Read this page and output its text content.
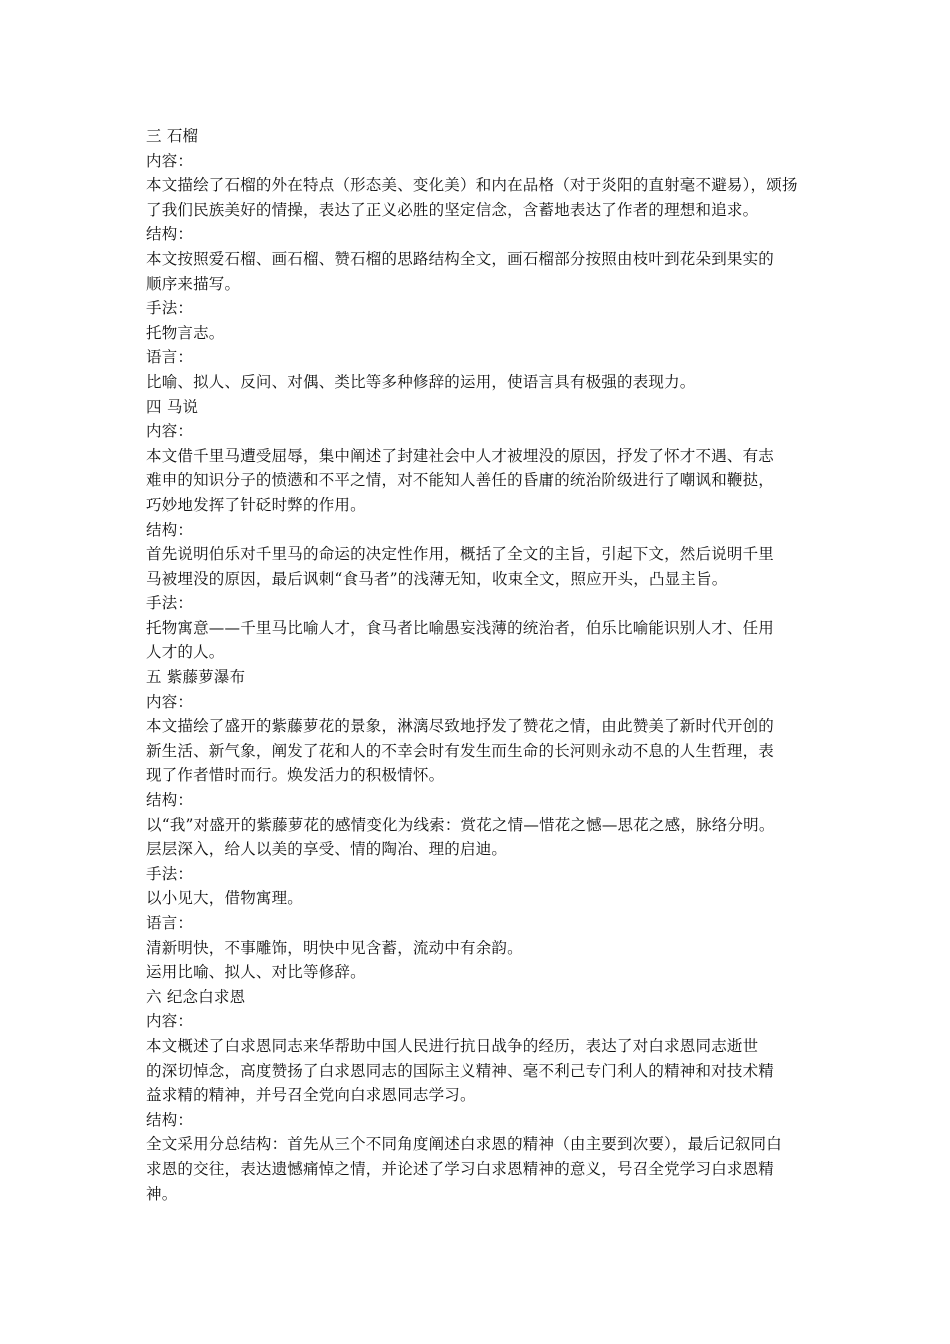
三 石榴
内容：
本文描绘了石榴的外在特点（形态美、变化美）和内在品格（对于炎阳的直射毫不避易），颂扬
了我们民族美好的情操，表达了正义必胜的坚定信念，含蓄地表达了作者的理想和追求。
结构：
本文按照爱石榴、画石榴、赞石榴的思路结构全文，画石榴部分按照由枝叶到花朵到果实的
顺序来描写。
手法：
托物言志。
语言：
比喻、拟人、反问、对偶、类比等多种修辞的运用，使语言具有极强的表现力。
四 马说
内容：
本文借千里马遭受屈辱，集中阐述了封建社会中人才被埋没的原因，抒发了怀才不遇、有志
难申的知识分子的愤懑和不平之情，对不能知人善任的昏庸的统治阶级进行了嘲讽和鞭挞，
巧妙地发挥了针砭时弊的作用。
结构：
首先说明伯乐对千里马的命运的决定性作用，概括了全文的主旨，引起下文，然后说明千里
马被埋没的原因，最后讽刺“食马者”的浅薄无知，收束全文，照应开头，凸显主旨。
手法：
托物寓意——千里马比喻人才，食马者比喻愚妄浅薄的统治者，伯乐比喻能识别人才、任用
人才的人。
五 紫藤萝瀑布
内容：
本文描绘了盛开的紫藤萝花的景象，淋漓尽致地抒发了赞花之情，由此赞美了新时代开创的
新生活、新气象，阐发了花和人的不幸会时有发生而生命的长河则永动不息的人生哲理，表
现了作者惜时而行。焕发活力的积极情怀。
结构：
以“我”对盛开的紫藤萝花的感情变化为线索：赏花之情—惜花之憾—思花之感，脉络分明。
层层深入，给人以美的享受、情的陶冶、理的启迪。
手法：
以小见大，借物寓理。
语言：
清新明快，不事雕饰，明快中见含蓄，流动中有余韵。
运用比喻、拟人、对比等修辞。
六 纪念白求恩
内容：
本文概述了白求恩同志来华帮助中国人民进行抗日战争的经历，表达了对白求恩同志逝世
的深切悼念，高度赞扬了白求恩同志的国际主义精神、毫不利己专门利人的精神和对技术精
益求精的精神，并号召全党向白求恩同志学习。
结构：
全文采用分总结构：首先从三个不同角度阐述白求恩的精神（由主要到次要），最后记叙同白
求恩的交往，表达遗憾痛悼之情，并论述了学习白求恩精神的意义，号召全党学习白求恩精
神。
